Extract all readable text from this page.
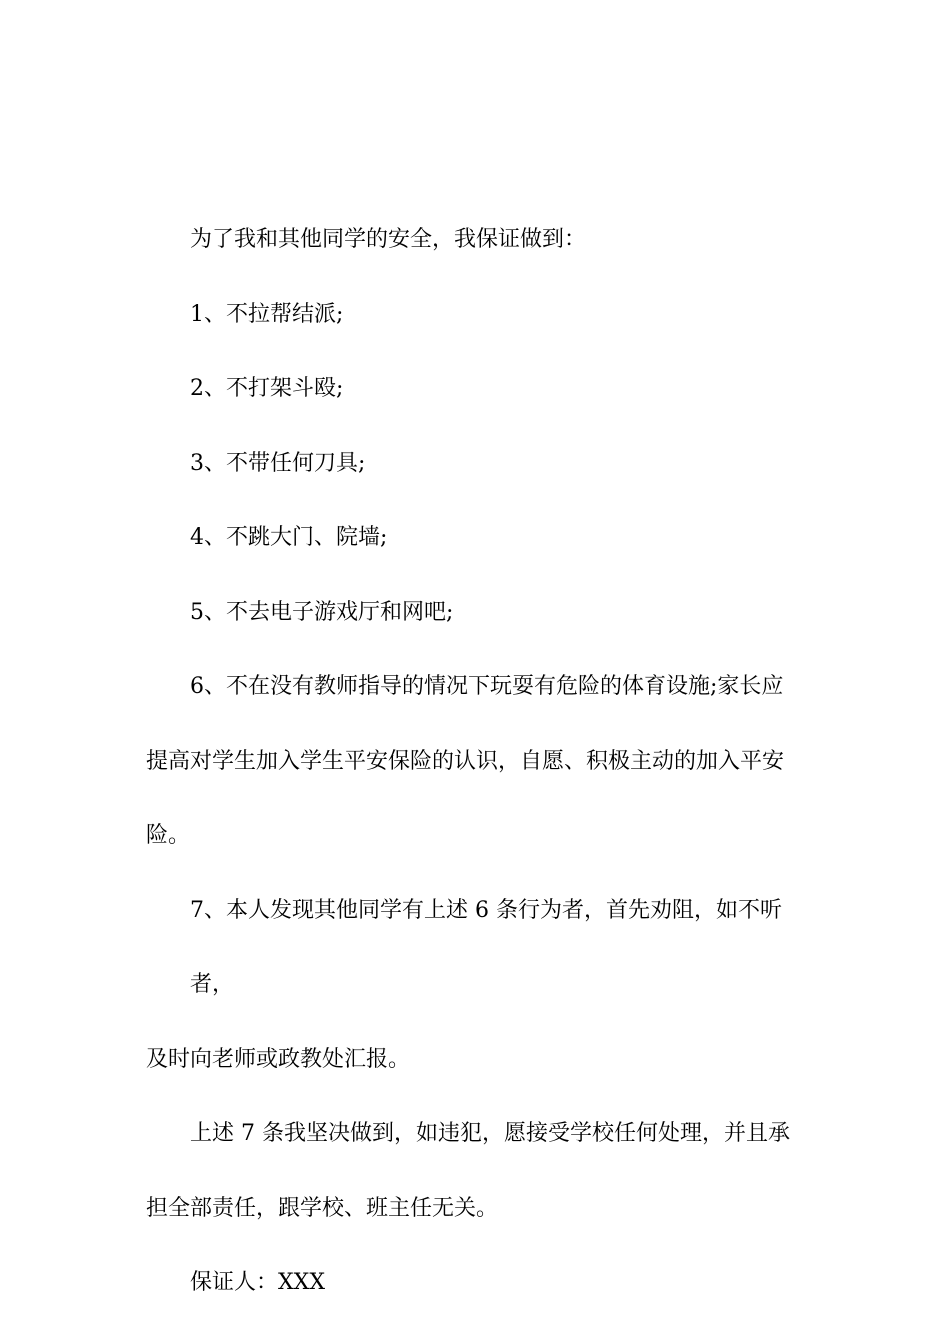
为了我和其他同学的安全，我保证做到：
1、不拉帮结派;
2、不打架斗殴;
3、不带任何刀具;
4、不跳大门、院墙;
5、不去电子游戏厅和网吧;
6、不在没有教师指导的情况下玩耍有危险的体育设施;家长应
提高对学生加入学生平安保险的认识，自愿、积极主动的加入平安
险。
7、本人发现其他同学有上述 6 条行为者，首先劝阻，如不听者，
及时向老师或政教处汇报。
上述 7 条我坚决做到，如违犯，愿接受学校任何处理，并且承
担全部责任，跟学校、班主任无关。
保证人：XXX
